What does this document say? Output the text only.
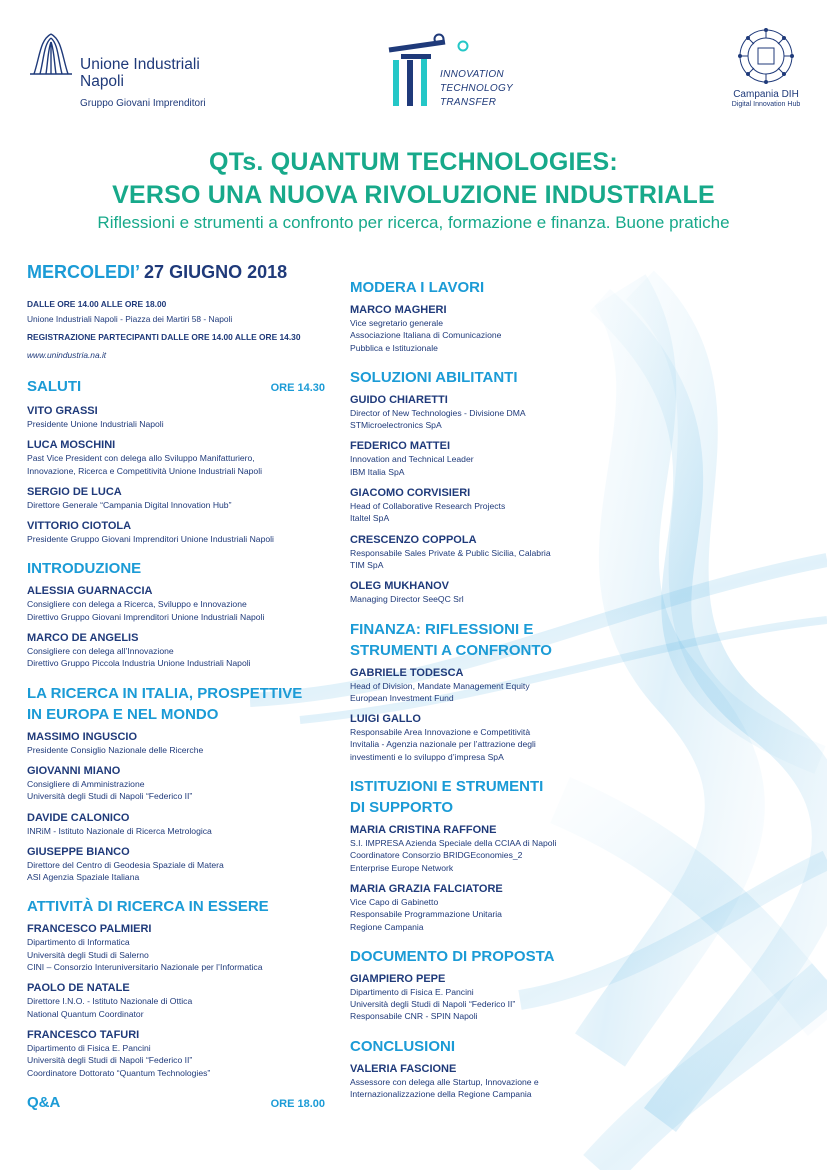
Unione Industriali
Napoli
Gruppo Giovani Imprenditori
INNOVATION
TECHNOLOGY
TRANSFER
Campania DIH
Digital Innovation Hub
QTs. QUANTUM TECHNOLOGIES:
VERSO UNA NUOVA RIVOLUZIONE INDUSTRIALE
Riflessioni e strumenti a confronto per ricerca, formazione e finanza. Buone pratiche
MERCOLEDI’ 27 GIUGNO 2018
DALLE ORE 14.00 ALLE ORE 18.00
Unione Industriali Napoli - Piazza dei Martiri 58 - Napoli
REGISTRAZIONE PARTECIPANTI DALLE ORE 14.00 ALLE ORE 14.30
www.unindustria.na.it
SALUTI	ORE 14.30
VITO GRASSI
Presidente Unione Industriali Napoli
LUCA MOSCHINI
Past Vice President con delega allo Sviluppo Manifatturiero,
Innovazione, Ricerca e Competitività Unione Industriali Napoli
SERGIO DE LUCA
Direttore Generale “Campania Digital Innovation Hub”
VITTORIO CIOTOLA
Presidente Gruppo Giovani Imprenditori Unione Industriali Napoli
INTRODUZIONE
ALESSIA GUARNACCIA
Consigliere con delega a Ricerca, Sviluppo e Innovazione
Direttivo Gruppo Giovani Imprenditori Unione Industriali Napoli
MARCO DE ANGELIS
Consigliere con delega all’Innovazione
Direttivo Gruppo Piccola Industria Unione Industriali Napoli
LA RICERCA IN ITALIA, PROSPETTIVE
IN EUROPA E NEL MONDO
MASSIMO INGUSCIO
Presidente Consiglio Nazionale delle Ricerche
GIOVANNI MIANO
Consigliere di Amministrazione
Università degli Studi di Napoli “Federico II”
DAVIDE CALONICO
INRiM - Istituto Nazionale di Ricerca Metrologica
GIUSEPPE BIANCO
Direttore del Centro di Geodesia Spaziale di Matera
ASI Agenzia Spaziale Italiana
ATTIVITÀ DI RICERCA IN ESSERE
FRANCESCO PALMIERI
Dipartimento di Informatica
Università degli Studi di Salerno
CINI – Consorzio Interuniversitario Nazionale per l’Informatica
PAOLO DE NATALE
Direttore I.N.O. - Istituto Nazionale di Ottica
National Quantum Coordinator
FRANCESCO TAFURI
Dipartimento di Fisica E. Pancini
Università degli Studi di Napoli “Federico II”
Coordinatore Dottorato “Quantum Technologies”
Q&A	ORE 18.00
MODERA I LAVORI
MARCO MAGHERI
Vice segretario generale
Associazione Italiana di Comunicazione
Pubblica e Istituzionale
SOLUZIONI ABILITANTI
GUIDO CHIARETTI
Director of New Technologies - Divisione DMA
STMicroelectronics SpA
FEDERICO MATTEI
Innovation and Technical Leader
IBM Italia SpA
GIACOMO CORVISIERI
Head of Collaborative Research Projects
Italtel SpA
CRESCENZO COPPOLA
Responsabile Sales Private & Public Sicilia, Calabria
TIM SpA
OLEG MUKHANOV
Managing Director SeeQC Srl
FINANZA: RIFLESSIONI E
STRUMENTI A CONFRONTO
GABRIELE TODESCA
Head of Division, Mandate Management Equity
European Investment Fund
LUIGI GALLO
Responsabile Area Innovazione e Competitività
Invitalia - Agenzia nazionale per l’attrazione degli
investimenti e lo sviluppo d’impresa SpA
ISTITUZIONI E STRUMENTI
DI SUPPORTO
MARIA CRISTINA RAFFONE
S.I. IMPRESA Azienda Speciale della CCIAA di Napoli
Coordinatore Consorzio BRIDGEconomies_2
Enterprise Europe Network
MARIA GRAZIA FALCIATORE
Vice Capo di Gabinetto
Responsabile Programmazione Unitaria
Regione Campania
DOCUMENTO DI PROPOSTA
GIAMPIERO PEPE
Dipartimento di Fisica E. Pancini
Università degli Studi di Napoli “Federico II”
Responsabile CNR - SPIN Napoli
CONCLUSIONI
VALERIA FASCIONE
Assessore con delega alle Startup, Innovazione e
Internazionalizzazione della Regione Campania
